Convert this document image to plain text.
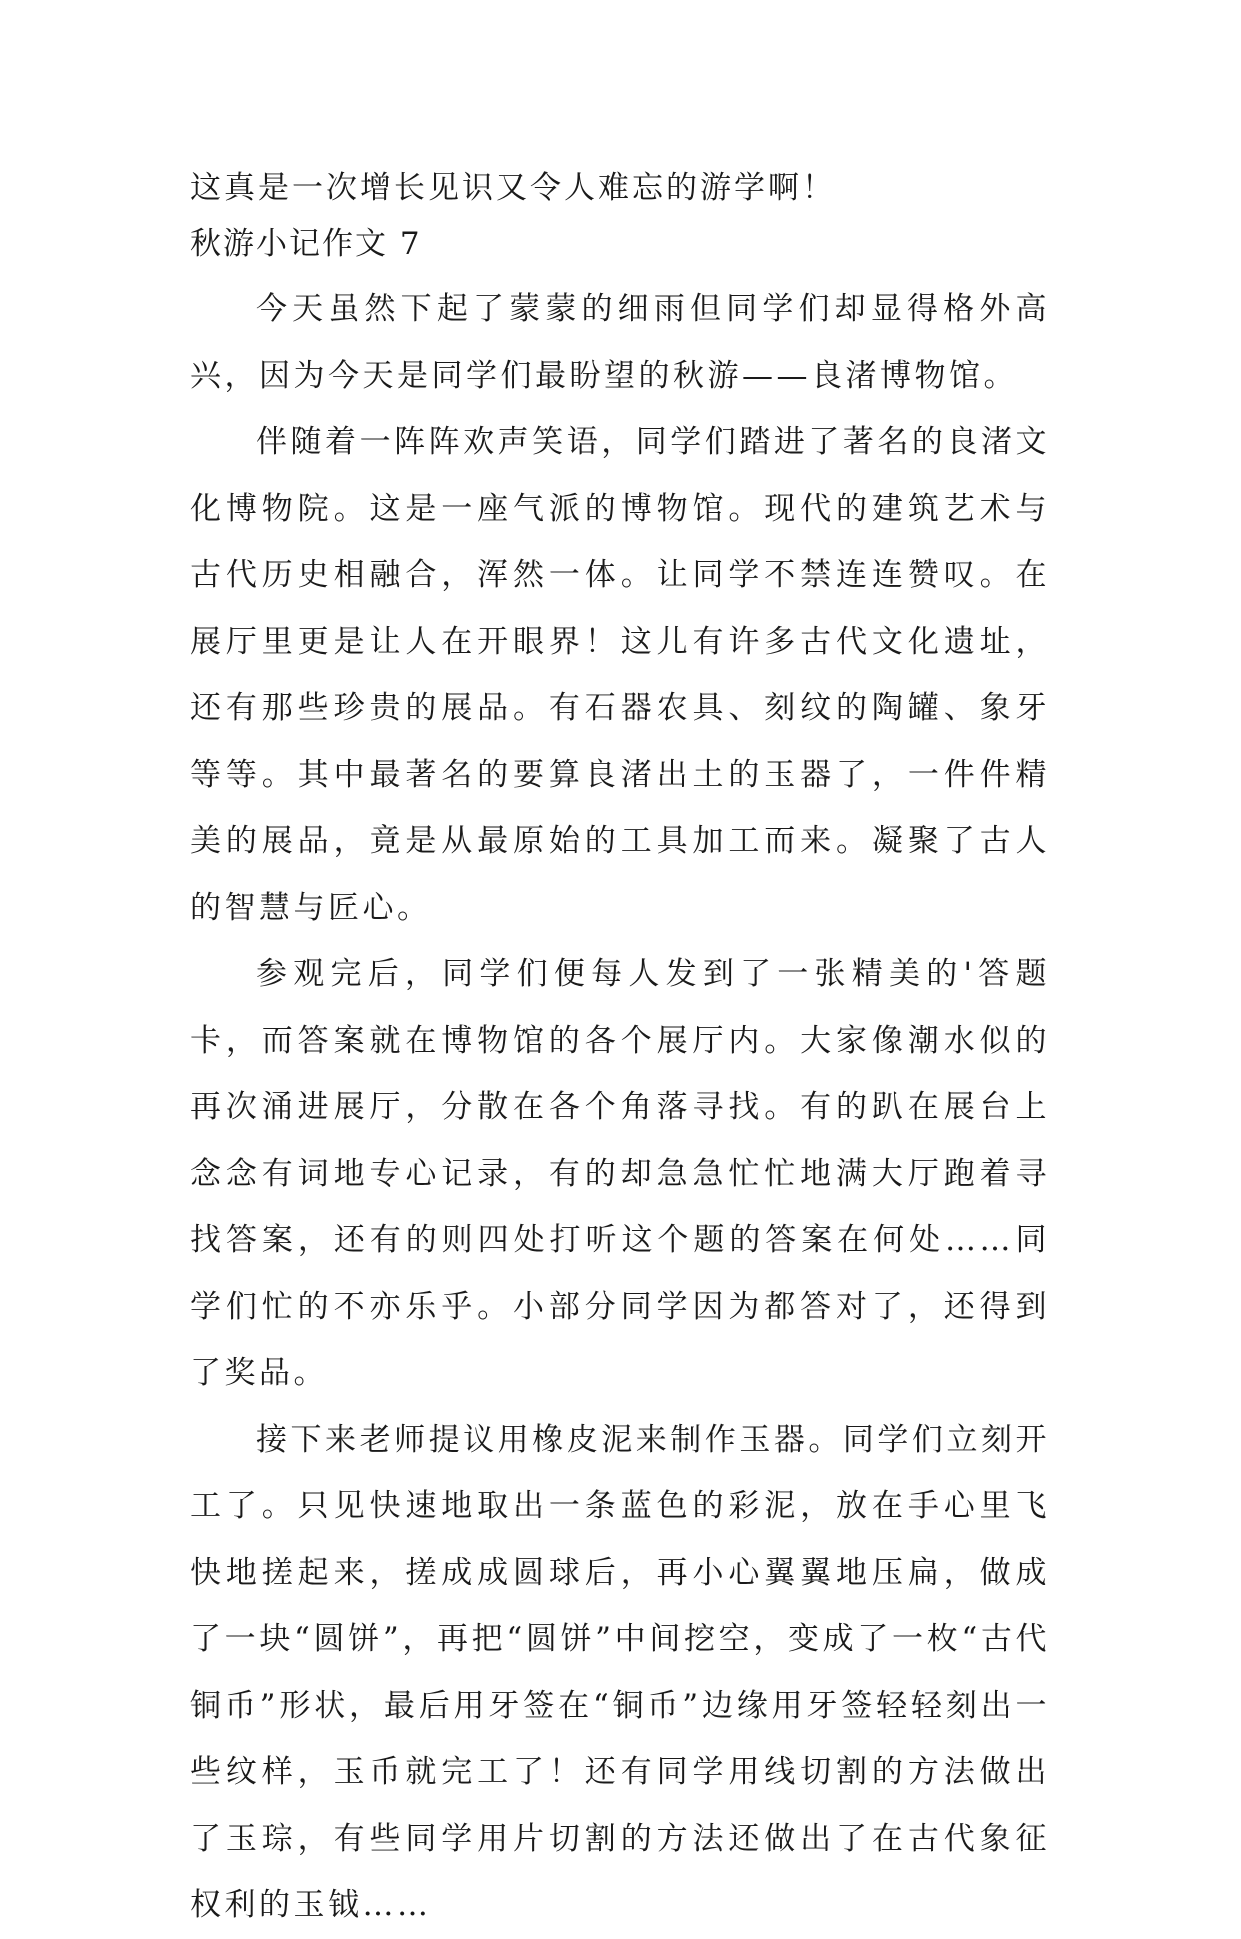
这真是一次增长见识又令人难忘的游学啊！

秋游小记作文 7

今天虽然下起了蒙蒙的细雨但同学们却显得格外高兴，因为今天是同学们最盼望的秋游——良渚博物馆。

伴随着一阵阵欢声笑语，同学们踏进了著名的良渚文化博物院。这是一座气派的博物馆。现代的建筑艺术与古代历史相融合，浑然一体。让同学不禁连连赞叹。在展厅里更是让人在开眼界！这儿有许多古代文化遗址，还有那些珍贵的展品。有石器农具、刻纹的陶罐、象牙等等。其中最著名的要算良渚出土的玉器了，一件件精美的展品，竟是从最原始的工具加工而来。凝聚了古人的智慧与匠心。

参观完后，同学们便每人发到了一张精美的'答题卡，而答案就在博物馆的各个展厅内。大家像潮水似的再次涌进展厅，分散在各个角落寻找。有的趴在展台上念念有词地专心记录，有的却急急忙忙地满大厅跑着寻找答案，还有的则四处打听这个题的答案在何处……同学们忙的不亦乐乎。小部分同学因为都答对了，还得到了奖品。

接下来老师提议用橡皮泥来制作玉器。同学们立刻开工了。只见快速地取出一条蓝色的彩泥，放在手心里飞快地搓起来，搓成成圆球后，再小心翼翼地压扁，做成了一块“圆饼”，再把“圆饼”中间挖空，变成了一枚“古代铜币”形状，最后用牙签在“铜币”边缘用牙签轻轻刻出一些纹样，玉币就完工了！还有同学用线切割的方法做出了玉琮，有些同学用片切割的方法还做出了在古代象征权利的玉钺……
